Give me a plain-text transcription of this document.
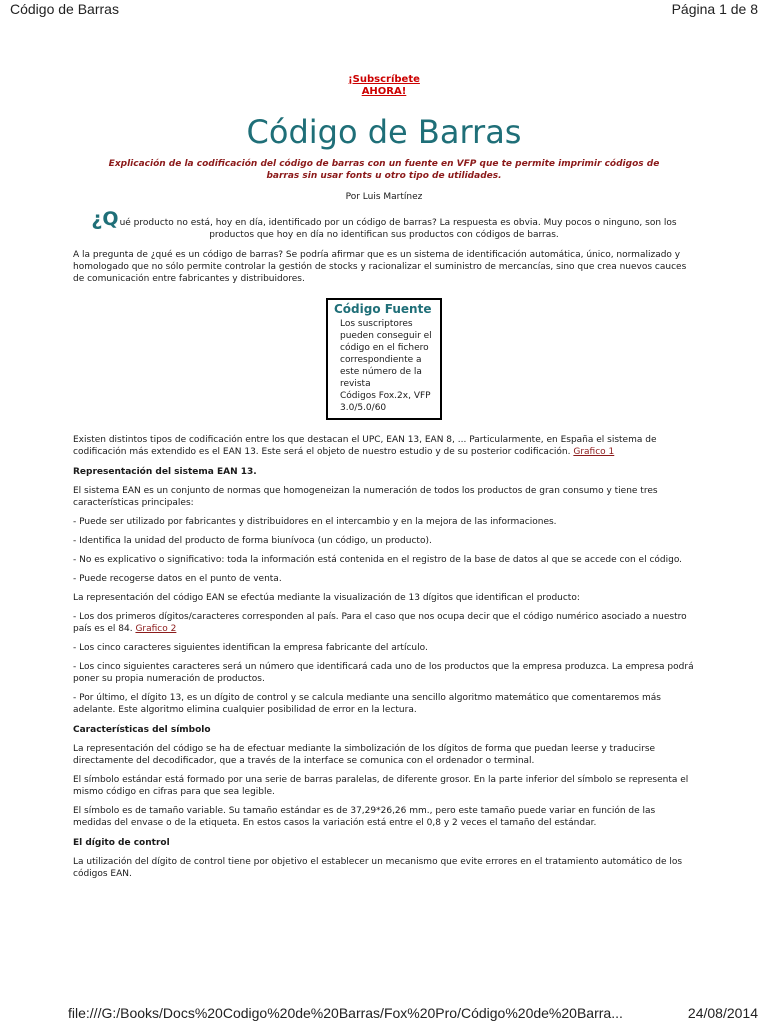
Código de Barras	Página 1 de 8

¡Subscríbete
AHORA!

Código de Barras
Explicación de la codificación del código de barras con un fuente en VFP que te permite imprimir códigos de barras sin usar fonts u otro tipo de utilidades.
Por Luis Martínez
¿Qué producto no está, hoy en día, identificado por un código de barras? La respuesta es obvia. Muy pocos o ninguno, son los productos que hoy en día no identifican sus productos con códigos de barras.

A la pregunta de ¿qué es un código de barras? Se podría afirmar que es un sistema de identificación automática, único, normalizado y homologado que no sólo permite controlar la gestión de stocks y racionalizar el suministro de mercancías, sino que crea nuevos cauces de comunicación entre fabricantes y distribuidores.

Código Fuente
Los suscriptores pueden conseguir el código en el fichero correspondiente a este número de la revista
Códigos Fox.2x, VFP 3.0/5.0/60

Existen distintos tipos de codificación entre los que destacan el UPC, EAN 13, EAN 8, ... Particularmente, en España el sistema de codificación más extendido es el EAN 13. Este será el objeto de nuestro estudio y de su posterior codificación. Grafico 1

Representación del sistema EAN 13.

El sistema EAN es un conjunto de normas que homogeneizan la numeración de todos los productos de gran consumo y tiene tres características principales:

- Puede ser utilizado por fabricantes y distribuidores en el intercambio y en la mejora de las informaciones.

- Identifica la unidad del producto de forma biunívoca (un código, un producto).

- No es explicativo o significativo: toda la información está contenida en el registro de la base de datos al que se accede con el código.

- Puede recogerse datos en el punto de venta.

La representación del código EAN se efectúa mediante la visualización de 13 dígitos que identifican el producto:

- Los dos primeros dígitos/caracteres corresponden al país. Para el caso que nos ocupa decir que el código numérico asociado a nuestro país es el 84. Grafico 2

- Los cinco caracteres siguientes identifican la empresa fabricante del artículo.

- Los cinco siguientes caracteres será un número que identificará cada uno de los productos que la empresa produzca. La empresa podrá poner su propia numeración de productos.

- Por último, el dígito 13, es un dígito de control y se calcula mediante una sencillo algoritmo matemático que comentaremos más adelante. Este algoritmo elimina cualquier posibilidad de error en la lectura.

Características del símbolo

La representación del código se ha de efectuar mediante la simbolización de los dígitos de forma que puedan leerse y traducirse directamente del decodificador, que a través de la interface se comunica con el ordenador o terminal.

El símbolo estándar está formado por una serie de barras paralelas, de diferente grosor. En la parte inferior del símbolo se representa el mismo código en cifras para que sea legible.

El símbolo es de tamaño variable. Su tamaño estándar es de 37,29*26,26 mm., pero este tamaño puede variar en función de las medidas del envase o de la etiqueta. En estos casos la variación está entre el 0,8 y 2 veces el tamaño del estándar.

El dígito de control

La utilización del dígito de control tiene por objetivo el establecer un mecanismo que evite errores en el tratamiento automático de los códigos EAN.

file:///G:/Books/Docs%20Codigo%20de%20Barras/Fox%20Pro/Código%20de%20Barra...	24/08/2014
